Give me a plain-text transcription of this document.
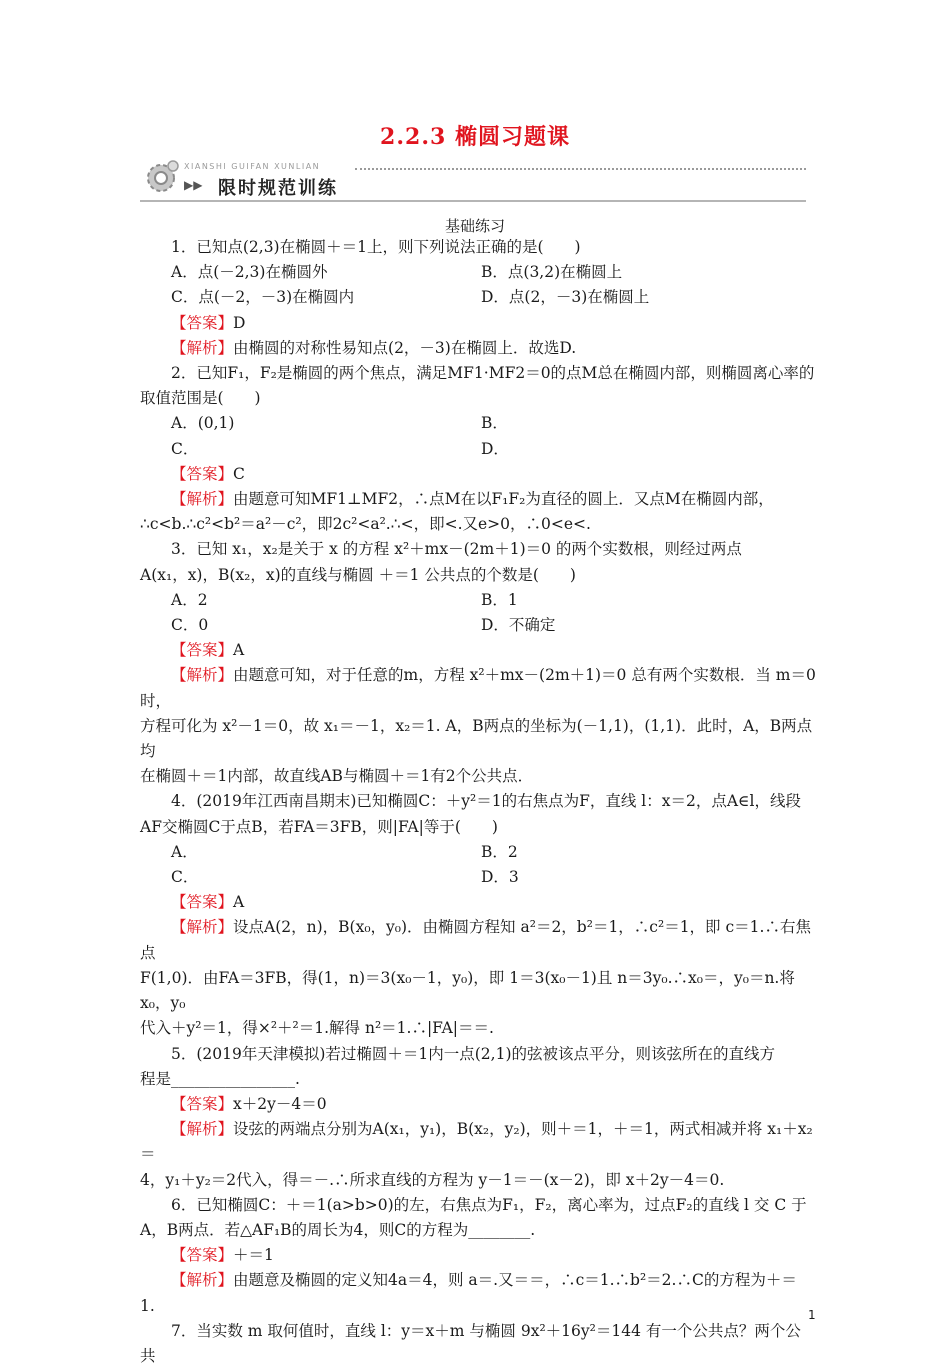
2.2.3 椭圆习题课
XIANSHI GUIFAN XUNLIAN
▶▶ 限时规范训练
基础练习

1．已知点(2,3)在椭圆＋＝1上，则下列说法正确的是(　　)

A．点(－2,3)在椭圆外	B．点(3,2)在椭圆上
C．点(－2，－3)在椭圆内	D．点(2，－3)在椭圆上

【答案】D

【解析】由椭圆的对称性易知点(2，－3)在椭圆上．故选D.

2．已知F₁，F₂是椭圆的两个焦点，满足MF1·MF2＝0的点M总在椭圆内部，则椭圆离心率的

取值范围是(　　)

A．(0,1)	B．
C．	D．

【答案】C

【解析】由题意可知MF1⊥MF2，∴点M在以F₁F₂为直径的圆上．又点M在椭圆内部，

∴c<b.∴c²<b²＝a²－c²，即2c²<a².∴<，即<.又e>0，∴0<e<.

3．已知 x₁，x₂是关于 x 的方程 x²＋mx－(2m＋1)＝0 的两个实数根，则经过两点

A(x₁，x)，B(x₂，x)的直线与椭圆 ＋＝1 公共点的个数是(　　)

A．2	B．1
C．0	D．不确定

【答案】A

【解析】由题意可知，对于任意的m，方程 x²＋mx－(2m＋1)＝0 总有两个实数根．当 m＝0 时，

方程可化为 x²－1＝0，故 x₁＝－1，x₂＝1. A，B两点的坐标为(－1,1)，(1,1)．此时，A，B两点均

在椭圆＋＝1内部，故直线AB与椭圆＋＝1有2个公共点．

4．(2019年江西南昌期末)已知椭圆C：＋y²＝1的右焦点为F，直线 l：x＝2，点A∈l，线段

AF交椭圆C于点B，若FA＝3FB，则|FA|等于(　　)

A．	B．2
C．	D．3

【答案】A

【解析】设点A(2，n)，B(x₀，y₀)．由椭圆方程知 a²＝2，b²＝1，∴c²＝1，即 c＝1.∴右焦点

F(1,0)．由FA＝3FB，得(1，n)＝3(x₀－1，y₀)，即 1＝3(x₀－1)且 n＝3y₀.∴x₀＝，y₀＝n.将 x₀，y₀

代入＋y²＝1，得×²＋²＝1.解得 n²＝1.∴|FA|＝＝.

5．(2019年天津模拟)若过椭圆＋＝1内一点(2,1)的弦被该点平分，则该弦所在的直线方

程是________________.

【答案】x＋2y－4＝0

【解析】设弦的两端点分别为A(x₁，y₁)，B(x₂，y₂)，则＋＝1，＋＝1，两式相减并将 x₁＋x₂＝

4，y₁＋y₂＝2代入，得＝－.∴所求直线的方程为 y－1＝－(x－2)，即 x＋2y－4＝0.

6．已知椭圆C：＋＝1(a>b>0)的左，右焦点为F₁，F₂，离心率为，过点F₂的直线 l 交 C 于

A，B两点．若△AF₁B的周长为4，则C的方程为________.

【答案】＋＝1

【解析】由题意及椭圆的定义知4a＝4，则 a＝.又＝＝，∴c＝1.∴b²＝2.∴C的方程为＋＝

1.

7．当实数 m 取何值时，直线 l：y＝x＋m 与椭圆 9x²＋16y²＝144 有一个公共点？两个公共

1
